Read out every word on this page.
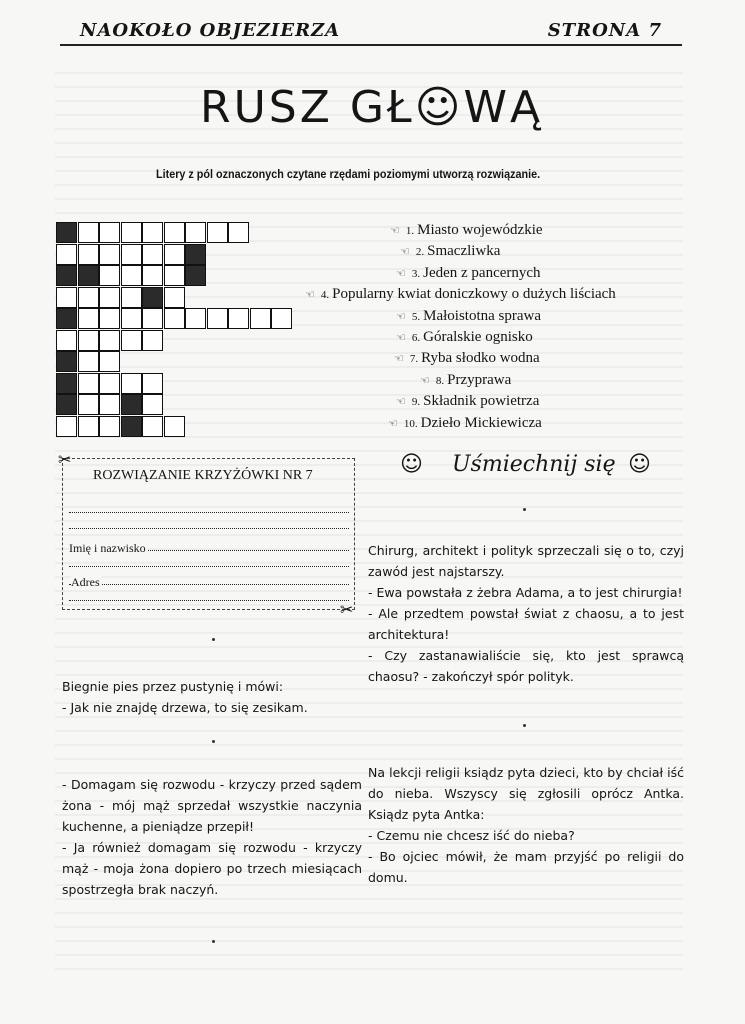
NAOKOŁO OBJEZIERZA	STRONA 7
RUSZ GŁ☺WĄ
Litery z pól oznaczonych czytane rzędami poziomymi utworzą rozwiązanie.
☜ 1. Miasto wojewódzkie
☜ 2. Smaczliwka
☜ 3. Jeden z pancernych
☜ 4. Popularny kwiat doniczkowy o dużych liściach
☜ 5. Małoistotna sprawa
☜ 6. Góralskie ognisko
☜ 7. Ryba słodko wodna
☜ 8. Przyprawa
☜ 9. Składnik powietrza
☜ 10. Dzieło Mickiewicza
ROZWIĄZANIE KRZYŻÓWKI NR 7
Imię i nazwisko
Adres
✂
✂
☺ Uśmiechnij się ☺
Chirurg, architekt i polityk sprzeczali się o to, czyj zawód jest najstarszy.
- Ewa powstała z żebra Adama, a to jest chirurgia!
- Ale przedtem powstał świat z chaosu, a to jest architektura!
- Czy zastanawialiście się, kto jest sprawcą chaosu? - zakończył spór polityk.
Biegnie pies przez pustynię i mówi:
- Jak nie znajdę drzewa, to się zesikam.
Na lekcji religii ksiądz pyta dzieci, kto by chciał iść do nieba. Wszyscy się zgłosili oprócz Antka. Ksiądz pyta Antka:
- Czemu nie chcesz iść do nieba?
- Bo ojciec mówił, że mam przyjść po religii do domu.
- Domagam się rozwodu - krzyczy przed sądem żona - mój mąż sprzedał wszystkie naczynia kuchenne, a pieniądze przepił!
- Ja również domagam się rozwodu - krzyczy mąż - moja żona dopiero po trzech miesiącach spostrzegła brak naczyń.
